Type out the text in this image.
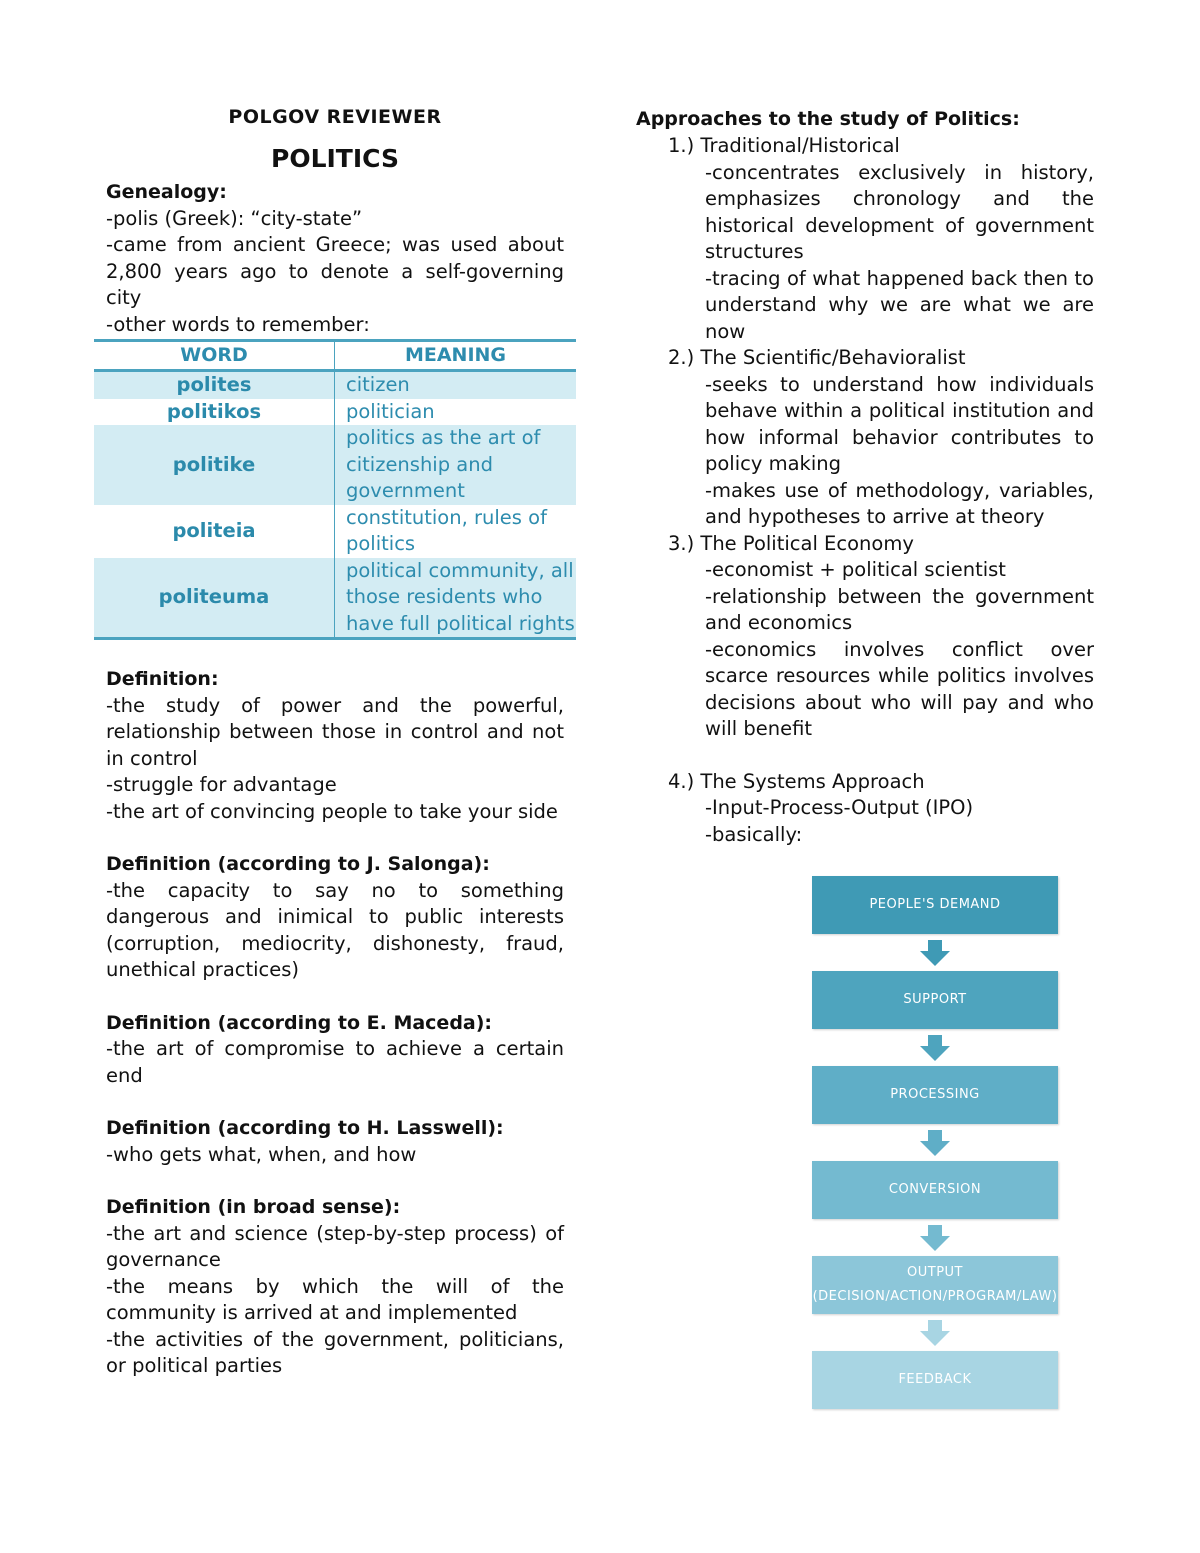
POLGOV REVIEWER
POLITICS
Genealogy:
-polis (Greek): “city-state”
-came from ancient Greece; was used about 2,800 years ago to denote a self-governing city
-other words to remember:
WORD	MEANING
polites	citizen
politikos	politician
politike	politics as the art of citizenship and government
politeia	constitution, rules of politics
politeuma	political community, all those residents who have full political rights
Definition:
-the study of power and the powerful, relationship between those in control and not in control
-struggle for advantage
-the art of convincing people to take your side
Definition (according to J. Salonga):
-the capacity to say no to something dangerous and inimical to public interests (corruption, mediocrity, dishonesty, fraud, unethical practices)
Definition (according to E. Maceda):
-the art of compromise to achieve a certain end
Definition (according to H. Lasswell):
-who gets what, when, and how
Definition (in broad sense):
-the art and science (step-by-step process) of governance
-the means by which the will of the community is arrived at and implemented
-the activities of the government, politicians, or political parties
Approaches to the study of Politics:
1.) Traditional/Historical
-concentrates exclusively in history, emphasizes chronology and the historical development of government structures
-tracing of what happened back then to understand why we are what we are now
2.) The Scientific/Behavioralist
-seeks to understand how individuals behave within a political institution and how informal behavior contributes to policy making
-makes use of methodology, variables, and hypotheses to arrive at theory
3.) The Political Economy
-economist + political scientist
-relationship between the government and economics
-economics involves conflict over scarce resources while politics involves decisions about who will pay and who will benefit
4.) The Systems Approach
-Input-Process-Output (IPO)
-basically:
PEOPLE'S DEMAND
SUPPORT
PROCESSING
CONVERSION
OUTPUT
(DECISION/ACTION/PROGRAM/LAW)
FEEDBACK
